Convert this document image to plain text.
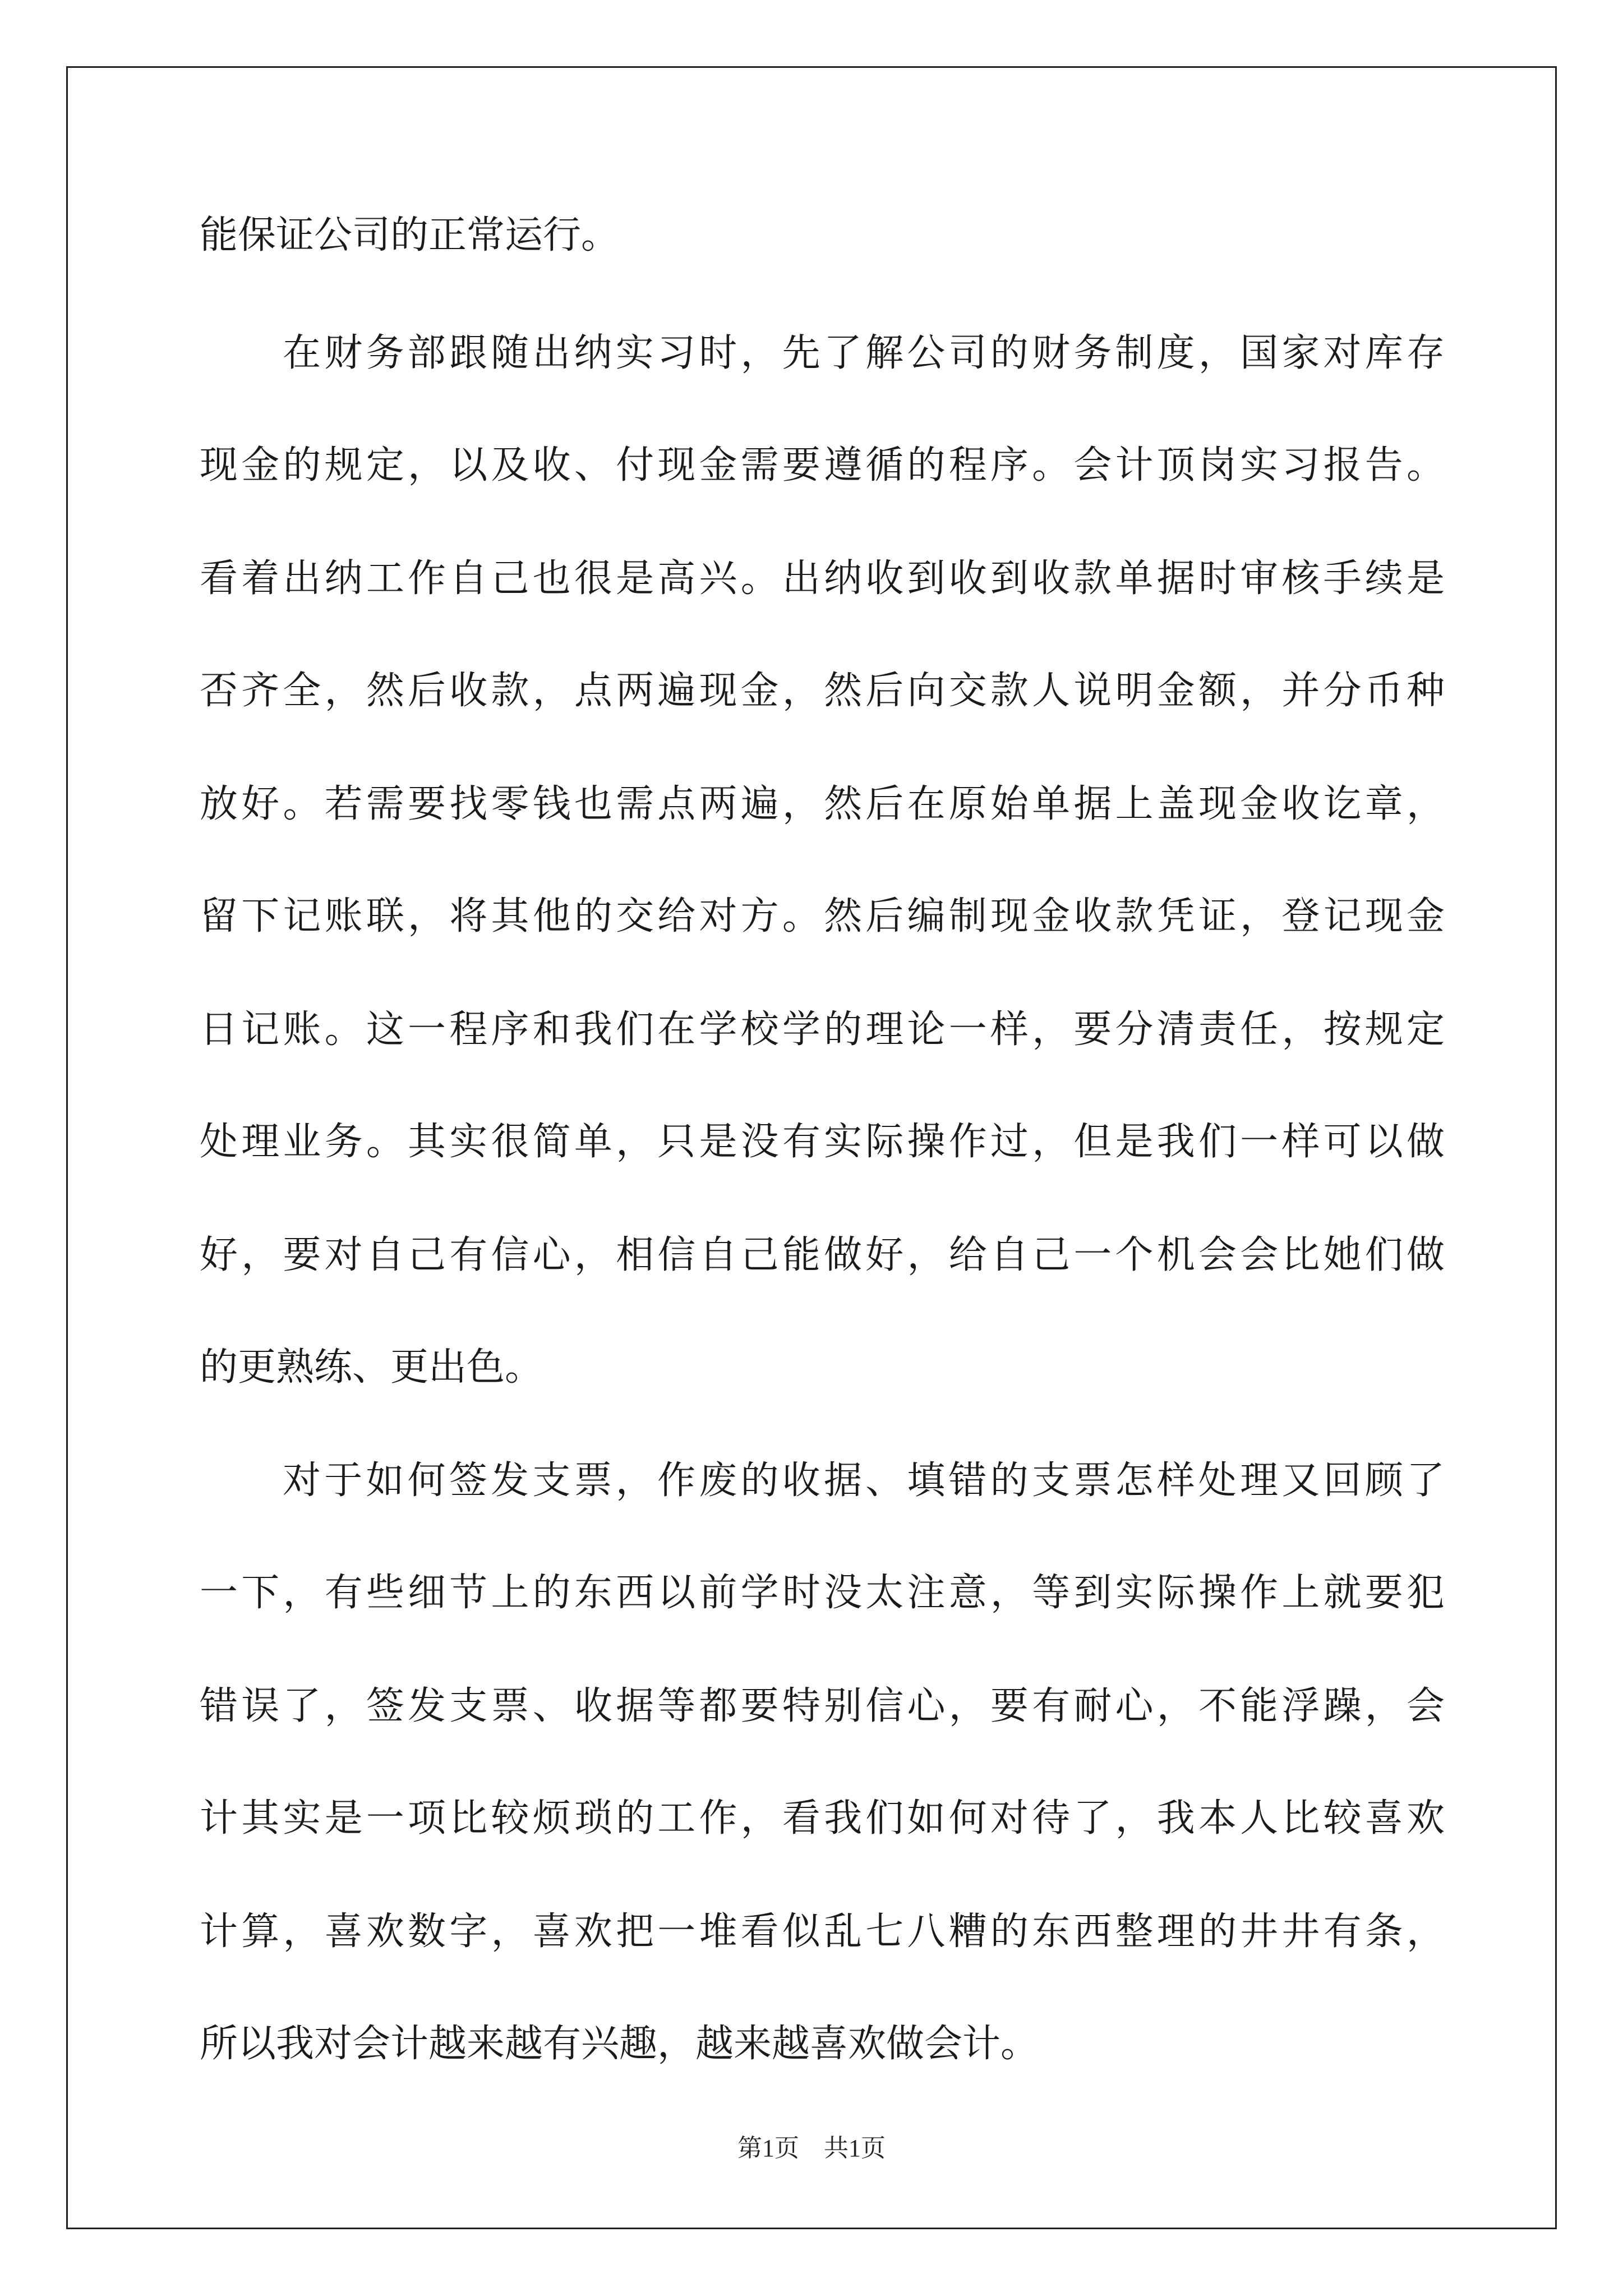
能保证公司的正常运行。
在财务部跟随出纳实习时，先了解公司的财务制度，国家对库存
现金的规定，以及收、付现金需要遵循的程序。会计顶岗实习报告。
看着出纳工作自己也很是高兴。出纳收到收到收款单据时审核手续是
否齐全，然后收款，点两遍现金，然后向交款人说明金额，并分币种
放好。若需要找零钱也需点两遍，然后在原始单据上盖现金收讫章，
留下记账联，将其他的交给对方。然后编制现金收款凭证，登记现金
日记账。这一程序和我们在学校学的理论一样，要分清责任，按规定
处理业务。其实很简单，只是没有实际操作过，但是我们一样可以做
好，要对自己有信心，相信自己能做好，给自己一个机会会比她们做
的更熟练、更出色。
对于如何签发支票，作废的收据、填错的支票怎样处理又回顾了
一下，有些细节上的东西以前学时没太注意，等到实际操作上就要犯
错误了，签发支票、收据等都要特别信心，要有耐心，不能浮躁，会
计其实是一项比较烦琐的工作，看我们如何对待了，我本人比较喜欢
计算，喜欢数字，喜欢把一堆看似乱七八糟的东西整理的井井有条，
所以我对会计越来越有兴趣，越来越喜欢做会计。
第1页　共1页
